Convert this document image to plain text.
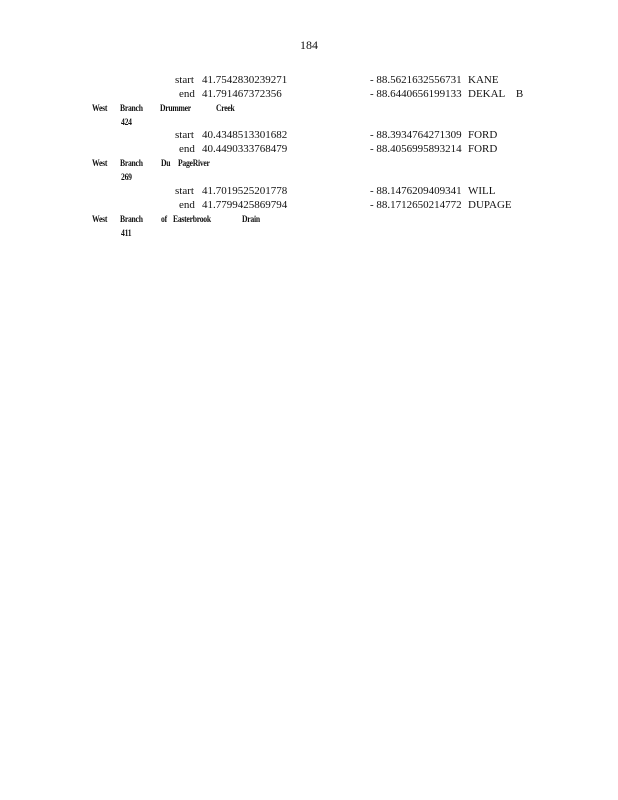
184
start 41.7542830239271	- 88.5621632556731 KANE
end 41.791467372356	- 88.6440656199133 DEKAL    B
West Branch Drummer	Creek
424
start 40.4348513301682	- 88.3934764271309 FORD
end 40.4490333768479	- 88.4056995893214 FORD
West Branch Du PageRiver
269
start 41.7019525201778	- 88.1476209409341 WILL
end 41.7799425869794	- 88.1712650214772 DUPAGE
West Branch of Easterbrook	Drain
411
